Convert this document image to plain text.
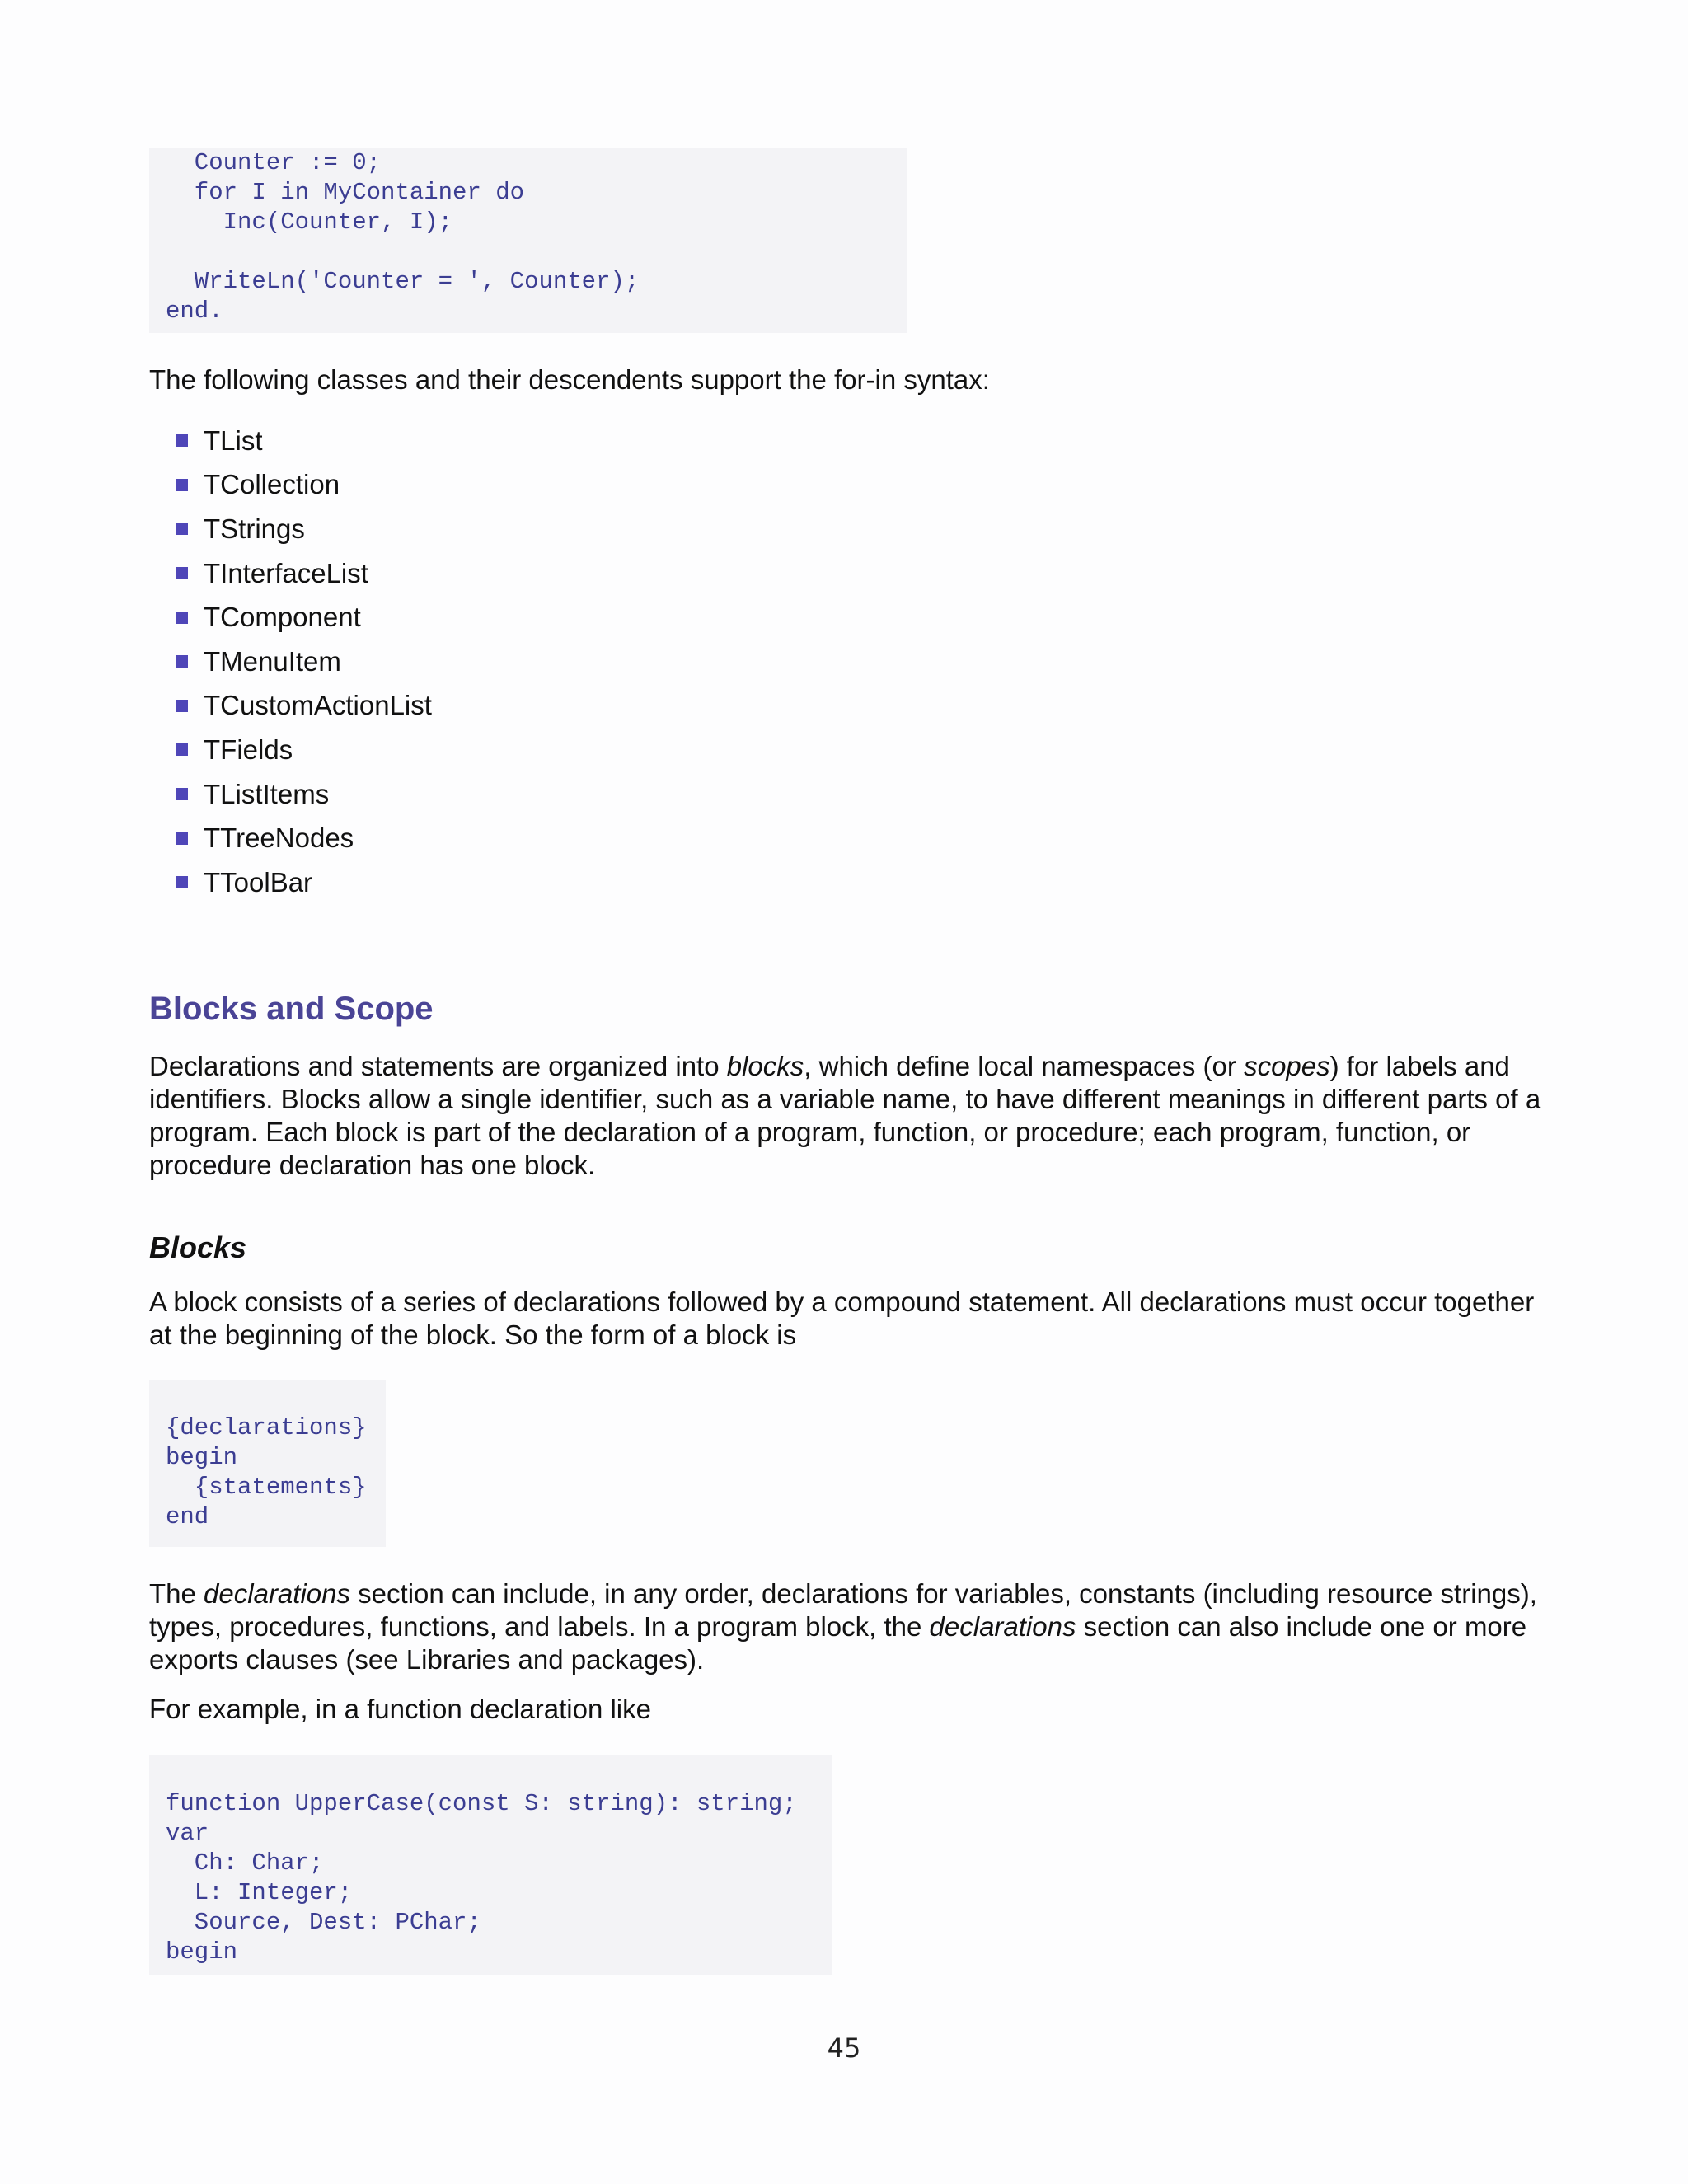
Counter := 0;
for I in MyContainer do
Inc(Counter, I);
WriteLn('Counter = ', Counter);
end.

The following classes and their descendents support the for-in syntax:

TList
TCollection
TStrings
TInterfaceList
TComponent
TMenuItem
TCustomActionList
TFields
TListItems
TTreeNodes
TToolBar
Blocks and Scope

Declarations and statements are organized into blocks, which define local namespaces (or scopes) for labels and identifiers. Blocks allow a single identifier, such as a variable name, to have different meanings in different parts of a program. Each block is part of the declaration of a program, function, or procedure; each program, function, or procedure declaration has one block.

Blocks

A block consists of a series of declarations followed by a compound statement. All declarations must occur together at the beginning of the block. So the form of a block is

{declarations}
begin
{statements}
end

The declarations section can include, in any order, declarations for variables, constants (including resource strings), types, procedures, functions, and labels. In a program block, the declarations section can also include one or more exports clauses (see Libraries and packages).

For example, in a function declaration like

function UpperCase(const S: string): string;
var
Ch: Char;
L: Integer;
Source, Dest: PChar;
begin
45
